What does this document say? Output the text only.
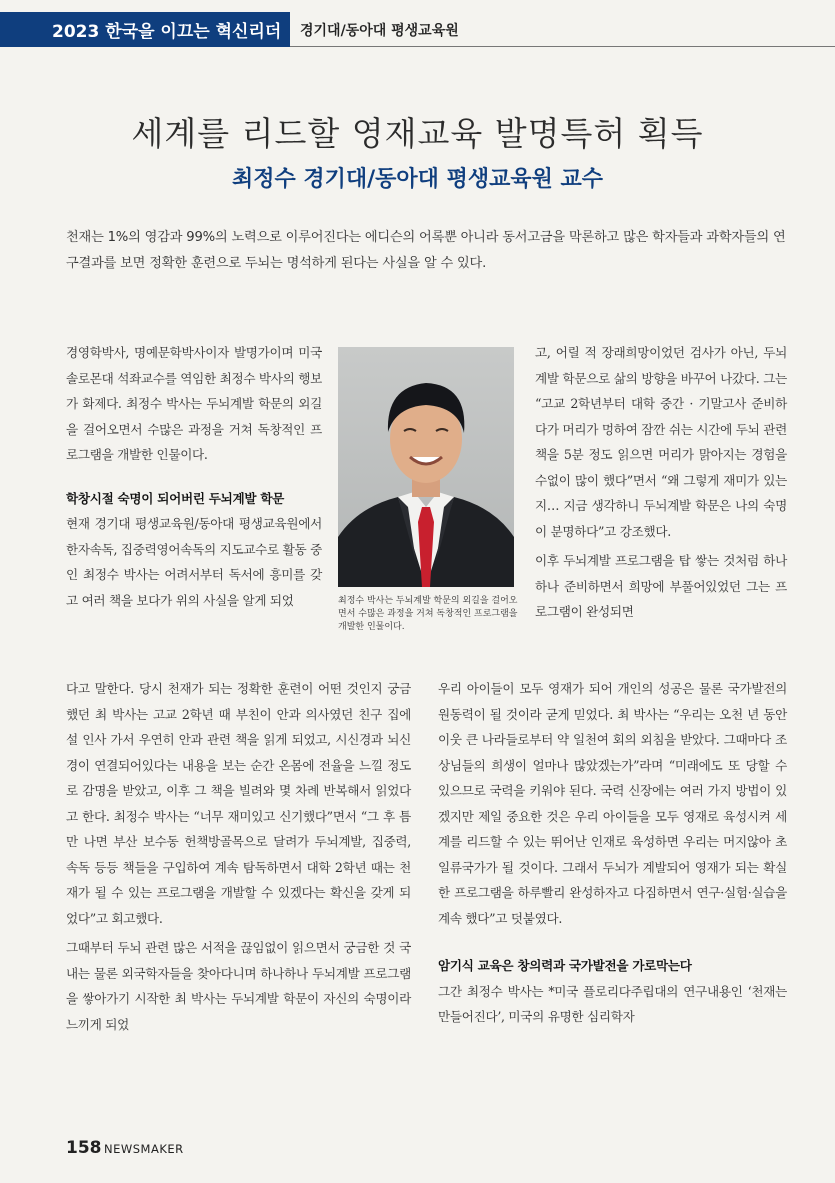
2023 한국을 이끄는 혁신리더	경기대/동아대 평생교육원
세계를 리드할 영재교육 발명특허 획득
최정수 경기대/동아대 평생교육원 교수
천재는 1%의 영감과 99%의 노력으로 이루어진다는 에디슨의 어록뿐 아니라 동서고금을 막론하고 많은 학자들과 과학자들의 연구결과를 보면 정확한 훈련으로 두뇌는 명석하게 된다는 사실을 알 수 있다.

경영학박사, 명예문학박사이자 발명가이며 미국 솔로몬대 석좌교수를 역임한 최정수 박사의 행보가 화제다. 최정수 박사는 두뇌계발 학문의 외길을 걸어오면서 수많은 과정을 거쳐 독창적인 프로그램을 개발한 인물이다.

학창시절 숙명이 되어버린 두뇌계발 학문

현재 경기대 평생교육원/동아대 평생교육원에서 한자속독, 집중력영어속독의 지도교수로 활동 중인 최정수 박사는 어려서부터 독서에 흥미를 갖고 여러 책을 보다가 위의 사실을 알게 되었

다고 말한다. 당시 천재가 되는 정확한 훈련이 어떤 것인지 궁금했던 최 박사는 고교 2학년 때 부친이 안과 의사였던 친구 집에 설 인사 가서 우연히 안과 관련 책을 읽게 되었고, 시신경과 뇌신경이 연결되어있다는 내용을 보는 순간 온몸에 전율을 느낄 정도로 감명을 받았고, 이후 그 책을 빌려와 몇 차례 반복해서 읽었다고 한다. 최정수 박사는 “너무 재미있고 신기했다”면서 “그 후 틈만 나면 부산 보수동 헌책방골목으로 달려가 두뇌계발, 집중력, 속독 등등 책들을 구입하여 계속 탐독하면서 대학 2학년 때는 천재가 될 수 있는 프로그램을 개발할 수 있겠다는 확신을 갖게 되었다”고 회고했다.

그때부터 두뇌 관련 많은 서적을 끊임없이 읽으면서 궁금한 것 국내는 물론 외국학자들을 찾아다니며 하나하나 두뇌계발 프로그램을 쌓아가기 시작한 최 박사는 두뇌계발 학문이 자신의 숙명이라 느끼게 되었

최정수 박사는 두뇌계발 학문의 외길을 걸어오면서 수많은 과정을 거쳐 독창적인 프로그램을 개발한 인물이다.

고, 어릴 적 장래희망이었던 검사가 아닌, 두뇌계발 학문으로 삶의 방향을 바꾸어 나갔다. 그는 “고교 2학년부터 대학 중간 · 기말고사 준비하다가 머리가 멍하여 잠깐 쉬는 시간에 두뇌 관련 책을 5분 정도 읽으면 머리가 맑아지는 경험을 수없이 많이 했다”면서 “왜 그렇게 재미가 있는지… 지금 생각하니 두뇌계발 학문은 나의 숙명이 분명하다”고 강조했다.

이후 두뇌계발 프로그램을 탑 쌓는 것처럼 하나하나 준비하면서 희망에 부풀어있었던 그는 프로그램이 완성되면

우리 아이들이 모두 영재가 되어 개인의 성공은 물론 국가발전의 원동력이 될 것이라 굳게 믿었다. 최 박사는 “우리는 오천 년 동안 이웃 큰 나라들로부터 약 일천여 회의 외침을 받았다. 그때마다 조상님들의 희생이 얼마나 많았겠는가”라며 “미래에도 또 당할 수 있으므로 국력을 키워야 된다. 국력 신장에는 여러 가지 방법이 있겠지만 제일 중요한 것은 우리 아이들을 모두 영재로 육성시켜 세계를 리드할 수 있는 뛰어난 인재로 육성하면 우리는 머지않아 초일류국가가 될 것이다. 그래서 두뇌가 계발되어 영재가 되는 확실한 프로그램을 하루빨리 완성하자고 다짐하면서 연구·실험·실습을 계속 했다”고 덧붙였다.

암기식 교육은 창의력과 국가발전을 가로막는다

그간 최정수 박사는 *미국 플로리다주립대의 연구내용인 ‘천재는 만들어진다’, 미국의 유명한 심리학자

158 NEWSMAKER
